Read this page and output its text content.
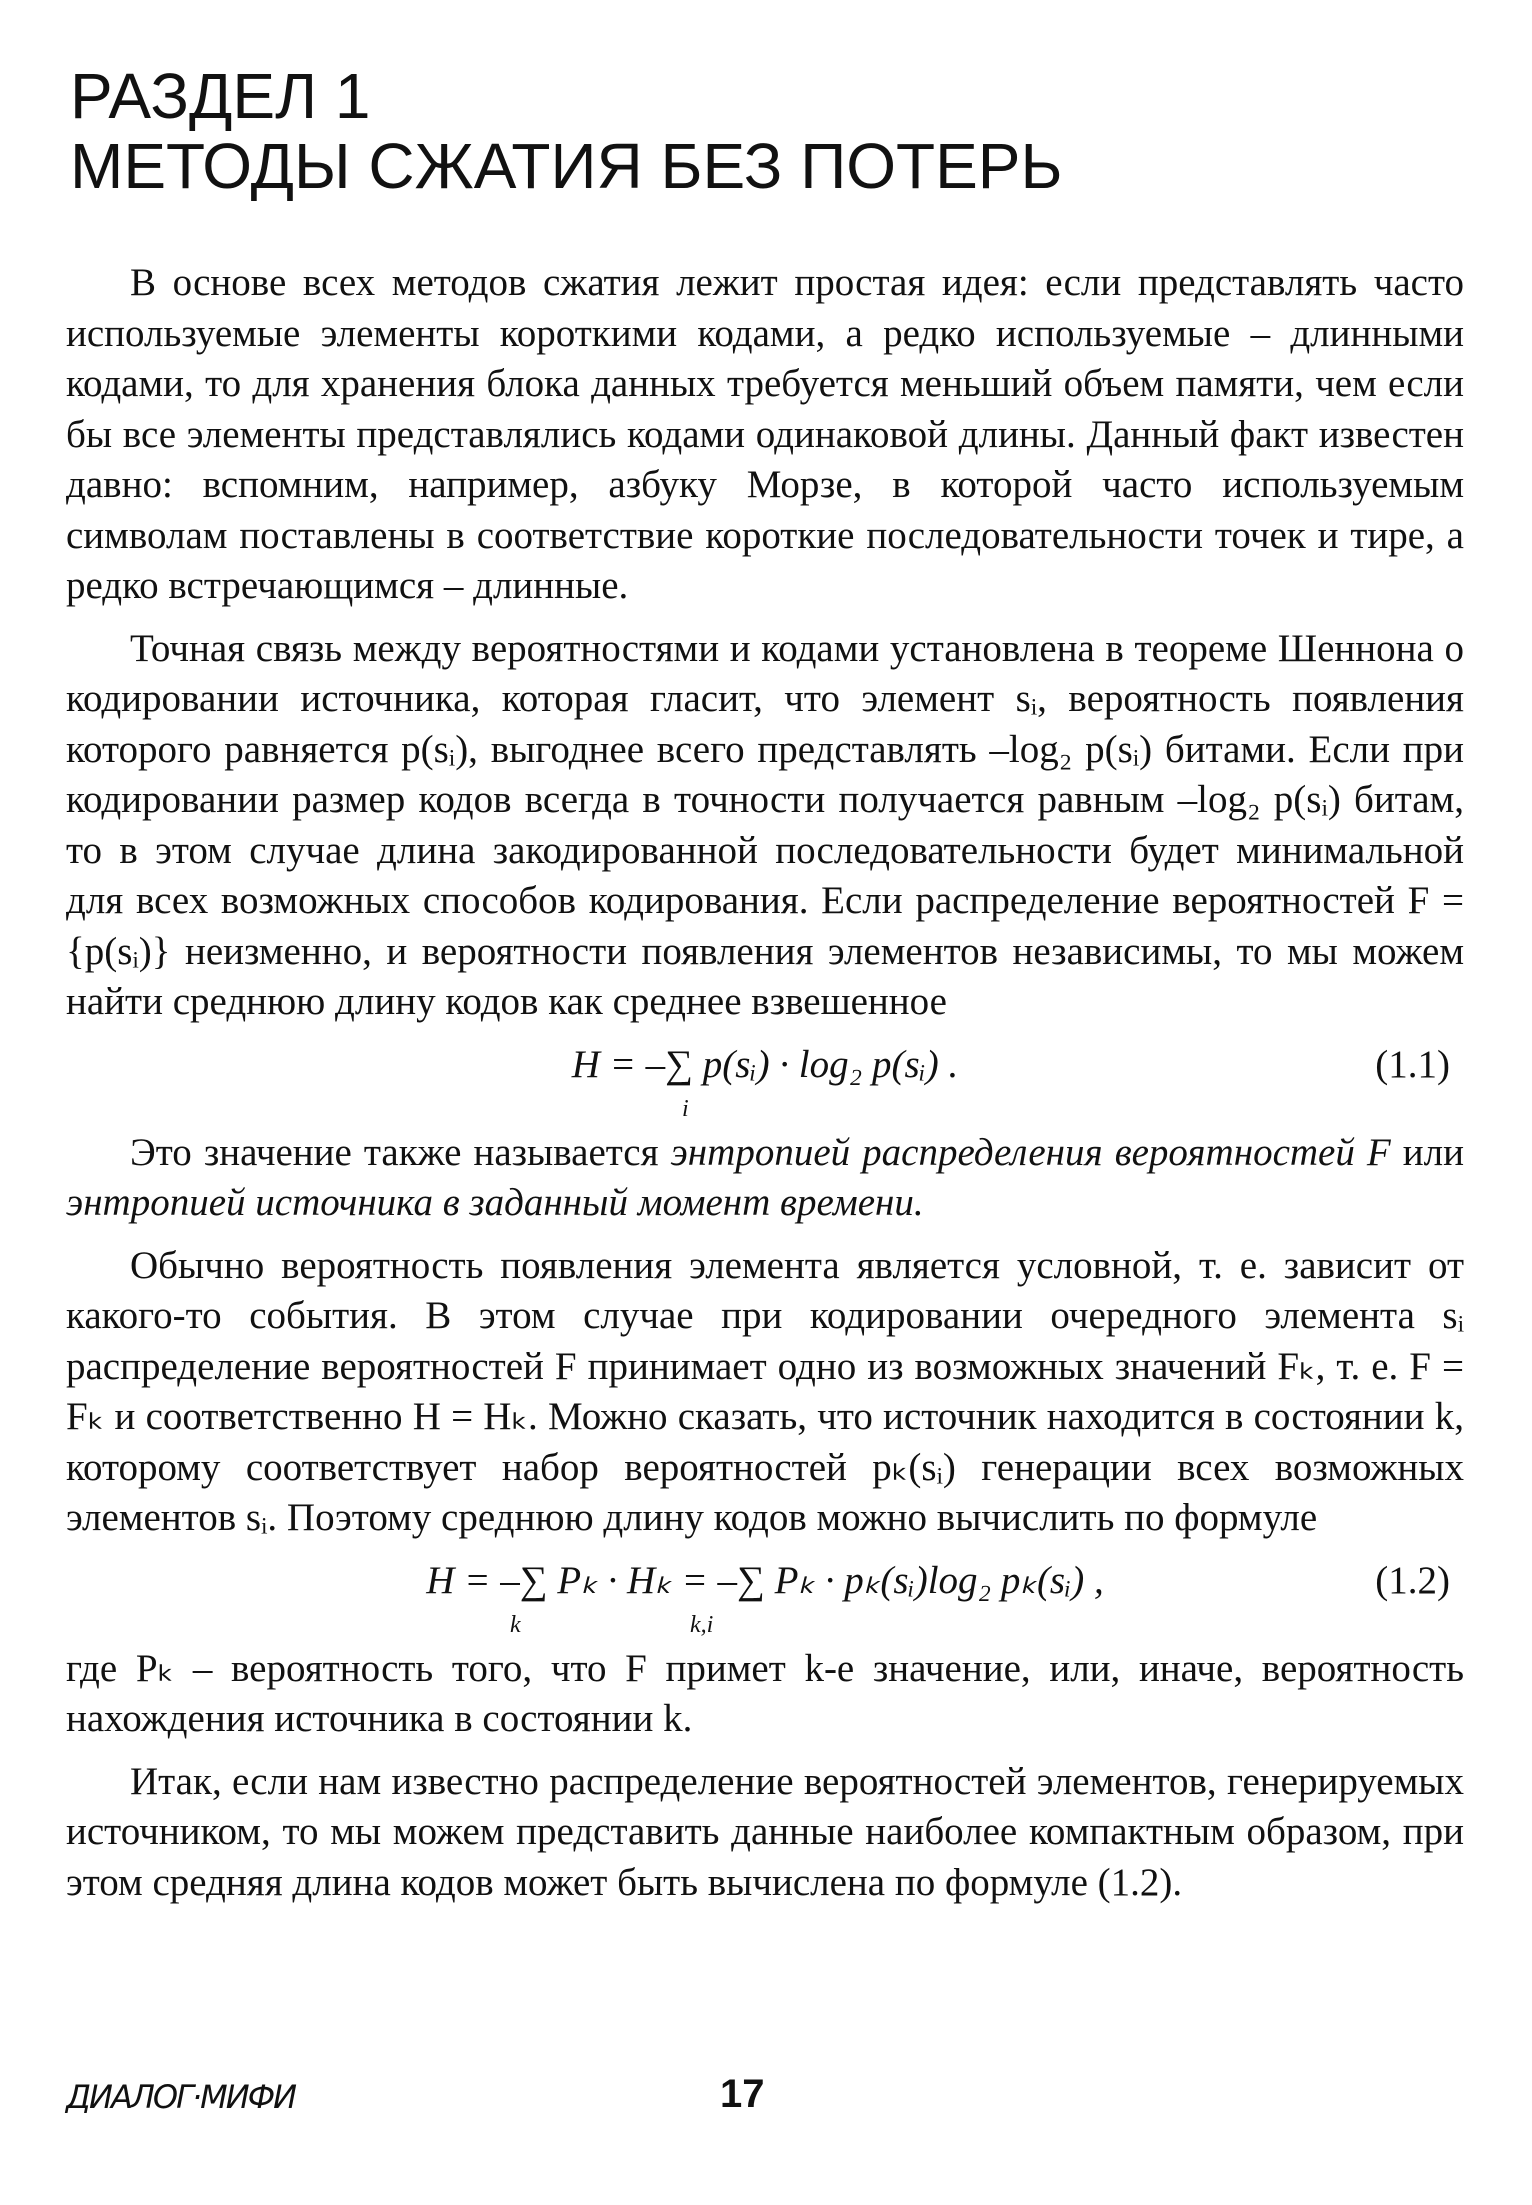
РАЗДЕЛ 1
МЕТОДЫ СЖАТИЯ БЕЗ ПОТЕРЬ

В основе всех методов сжатия лежит простая идея: если представлять часто используемые элементы короткими кодами, а редко используемые – длинными кодами, то для хранения блока данных требуется меньший объем памяти, чем если бы все элементы представлялись кодами одинаковой длины. Данный факт известен давно: вспомним, например, азбуку Морзе, в которой часто используемым символам поставлены в соответствие короткие последовательности точек и тире, а редко встречающимся – длинные.

Точная связь между вероятностями и кодами установлена в теореме Шеннона о кодировании источника, которая гласит, что элемент sᵢ, вероятность появления которого равняется p(sᵢ), выгоднее всего представлять –log₂ p(sᵢ) битами. Если при кодировании размер кодов всегда в точности получается равным –log₂ p(sᵢ) битам, то в этом случае длина закодированной последовательности будет минимальной для всех возможных способов кодирования. Если распределение вероятностей F = {p(sᵢ)} неизменно, и вероятности появления элементов независимы, то мы можем найти среднюю длину кодов как среднее взвешенное

H = –∑ p(sᵢ) · log₂ p(sᵢ) .
i
(1.1)

Это значение также называется энтропией распределения вероятностей F или энтропией источника в заданный момент времени.

Обычно вероятность появления элемента является условной, т. е. зависит от какого-то события. В этом случае при кодировании очередного элемента sᵢ распределение вероятностей F принимает одно из возможных значений Fₖ, т. е. F = Fₖ и соответственно H = Hₖ. Можно сказать, что источник находится в состоянии k, которому соответствует набор вероятностей pₖ(sᵢ) генерации всех возможных элементов sᵢ. Поэтому среднюю длину кодов можно вычислить по формуле

H = –∑ Pₖ · Hₖ = –∑ Pₖ · pₖ(sᵢ)log₂ pₖ(sᵢ) ,
k	k,i
(1.2)

где Pₖ – вероятность того, что F примет k-е значение, или, иначе, вероятность нахождения источника в состоянии k.

Итак, если нам известно распределение вероятностей элементов, генерируемых источником, то мы можем представить данные наиболее компактным образом, при этом средняя длина кодов может быть вычислена по формуле (1.2).

ДИАЛОГ·МИФИ	17
